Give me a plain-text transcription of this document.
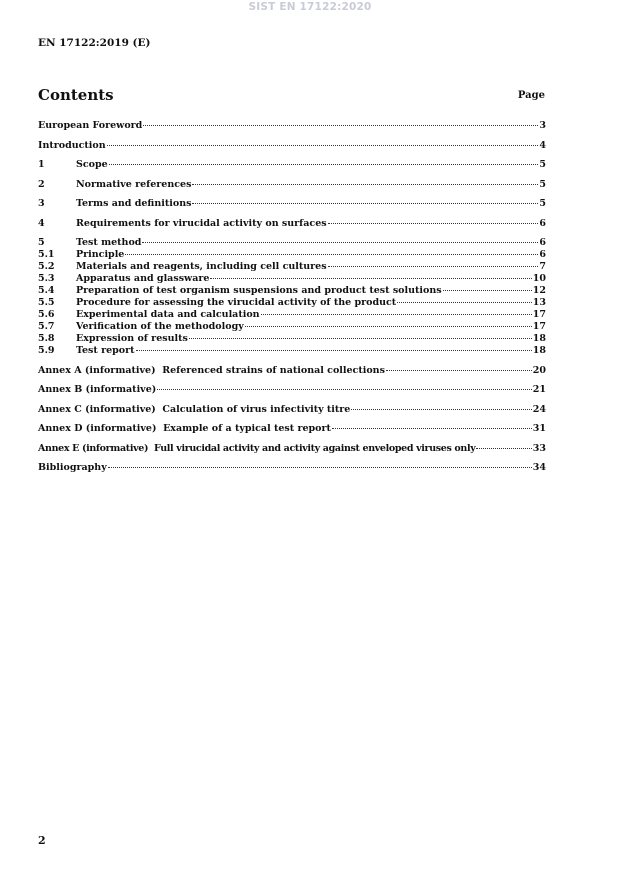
SIST EN 17122:2020
EN 17122:2019 (E)
Contents	Page
European Foreword	3
Introduction	4
1	Scope	5
2	Normative references	5
3	Terms and definitions	5
4	Requirements for virucidal activity on surfaces	6
5	Test method	6
5.1	Principle	6
5.2	Materials and reagents, including cell cultures	7
5.3	Apparatus and glassware	10
5.4	Preparation of test organism suspensions and product test solutions	12
5.5	Procedure for assessing the virucidal activity of the product	13
5.6	Experimental data and calculation	17
5.7	Verification of the methodology	17
5.8	Expression of results	18
5.9	Test report	18
Annex A (informative)  Referenced strains of national collections	20
Annex B (informative)	21
Annex C (informative)  Calculation of virus infectivity titre	24
Annex D (informative)  Example of a typical test report	31
Annex E (informative)  Full virucidal activity and activity against enveloped viruses only	33
Bibliography	34
2
